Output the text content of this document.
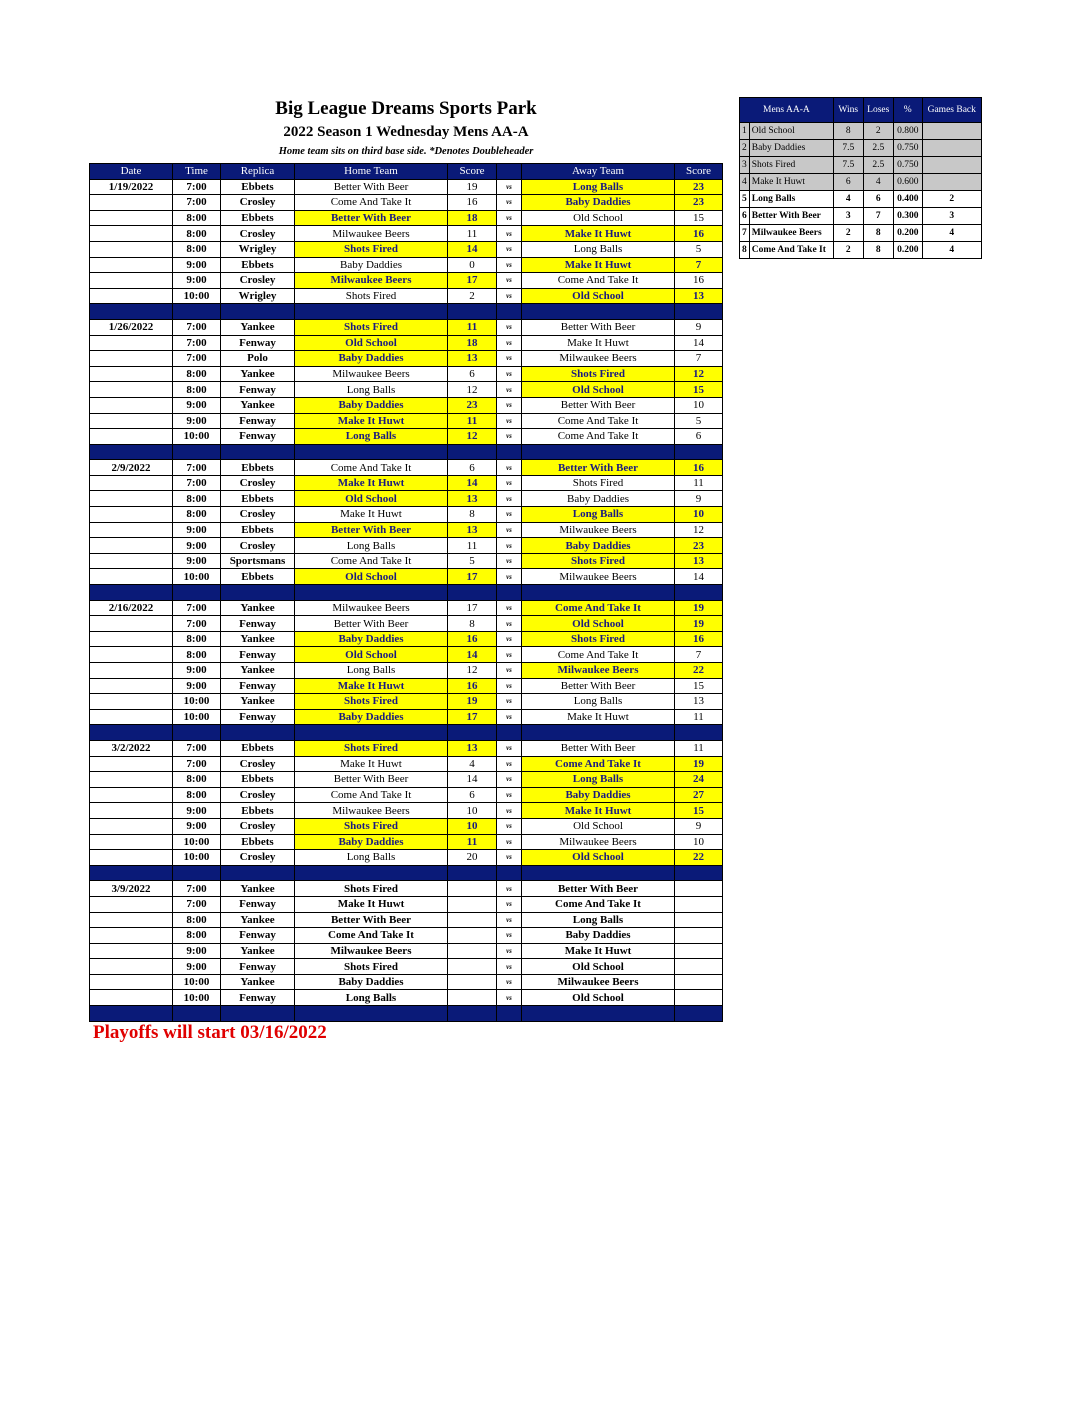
Big League Dreams Sports Park
2022 Season 1 Wednesday Mens AA-A
Home team sits on third base side. *Denotes Doubleheader
Date	Time	Replica	Home Team	Score		Away Team	Score
1/19/2022	7:00	Ebbets	Better With Beer	19	vs	Long Balls	23
	7:00	Crosley	Come And Take It	16	vs	Baby Daddies	23
	8:00	Ebbets	Better With Beer	18	vs	Old School	15
	8:00	Crosley	Milwaukee Beers	11	vs	Make It Huwt	16
	8:00	Wrigley	Shots Fired	14	vs	Long Balls	5
	9:00	Ebbets	Baby Daddies	0	vs	Make It Huwt	7
	9:00	Crosley	Milwaukee Beers	17	vs	Come And Take It	16
	10:00	Wrigley	Shots Fired	2	vs	Old School	13

1/26/2022	7:00	Yankee	Shots Fired	11	vs	Better With Beer	9
	7:00	Fenway	Old School	18	vs	Make It Huwt	14
	7:00	Polo	Baby Daddies	13	vs	Milwaukee Beers	7
	8:00	Yankee	Milwaukee Beers	6	vs	Shots Fired	12
	8:00	Fenway	Long Balls	12	vs	Old School	15
	9:00	Yankee	Baby Daddies	23	vs	Better With Beer	10
	9:00	Fenway	Make It Huwt	11	vs	Come And Take It	5
	10:00	Fenway	Long Balls	12	vs	Come And Take It	6

2/9/2022	7:00	Ebbets	Come And Take It	6	vs	Better With Beer	16
	7:00	Crosley	Make It Huwt	14	vs	Shots Fired	11
	8:00	Ebbets	Old School	13	vs	Baby Daddies	9
	8:00	Crosley	Make It Huwt	8	vs	Long Balls	10
	9:00	Ebbets	Better With Beer	13	vs	Milwaukee Beers	12
	9:00	Crosley	Long Balls	11	vs	Baby Daddies	23
	9:00	Sportsmans	Come And Take It	5	vs	Shots Fired	13
	10:00	Ebbets	Old School	17	vs	Milwaukee Beers	14

2/16/2022	7:00	Yankee	Milwaukee Beers	17	vs	Come And Take It	19
	7:00	Fenway	Better With Beer	8	vs	Old School	19
	8:00	Yankee	Baby Daddies	16	vs	Shots Fired	16
	8:00	Fenway	Old School	14	vs	Come And Take It	7
	9:00	Yankee	Long Balls	12	vs	Milwaukee Beers	22
	9:00	Fenway	Make It Huwt	16	vs	Better With Beer	15
	10:00	Yankee	Shots Fired	19	vs	Long Balls	13
	10:00	Fenway	Baby Daddies	17	vs	Make It Huwt	11

3/2/2022	7:00	Ebbets	Shots Fired	13	vs	Better With Beer	11
	7:00	Crosley	Make It Huwt	4	vs	Come And Take It	19
	8:00	Ebbets	Better With Beer	14	vs	Long Balls	24
	8:00	Crosley	Come And Take It	6	vs	Baby Daddies	27
	9:00	Ebbets	Milwaukee Beers	10	vs	Make It Huwt	15
	9:00	Crosley	Shots Fired	10	vs	Old School	9
	10:00	Ebbets	Baby Daddies	11	vs	Milwaukee Beers	10
	10:00	Crosley	Long Balls	20	vs	Old School	22

3/9/2022	7:00	Yankee	Shots Fired		vs	Better With Beer	
	7:00	Fenway	Make It Huwt		vs	Come And Take It	
	8:00	Yankee	Better With Beer		vs	Long Balls	
	8:00	Fenway	Come And Take It		vs	Baby Daddies	
	9:00	Yankee	Milwaukee Beers		vs	Make It Huwt	
	9:00	Fenway	Shots Fired		vs	Old School	
	10:00	Yankee	Baby Daddies		vs	Milwaukee Beers	
	10:00	Fenway	Long Balls		vs	Old School	

Playoffs will start 03/16/2022
Mens AA-A		Wins	Loses	%	Games Back
1	Old School	8	2	0.800	
2	Baby Daddies	7.5	2.5	0.750	
3	Shots Fired	7.5	2.5	0.750	
4	Make It Huwt	6	4	0.600	
5	Long Balls	4	6	0.400	2
6	Better With Beer	3	7	0.300	3
7	Milwaukee Beers	2	8	0.200	4
8	Come And Take It	2	8	0.200	4
